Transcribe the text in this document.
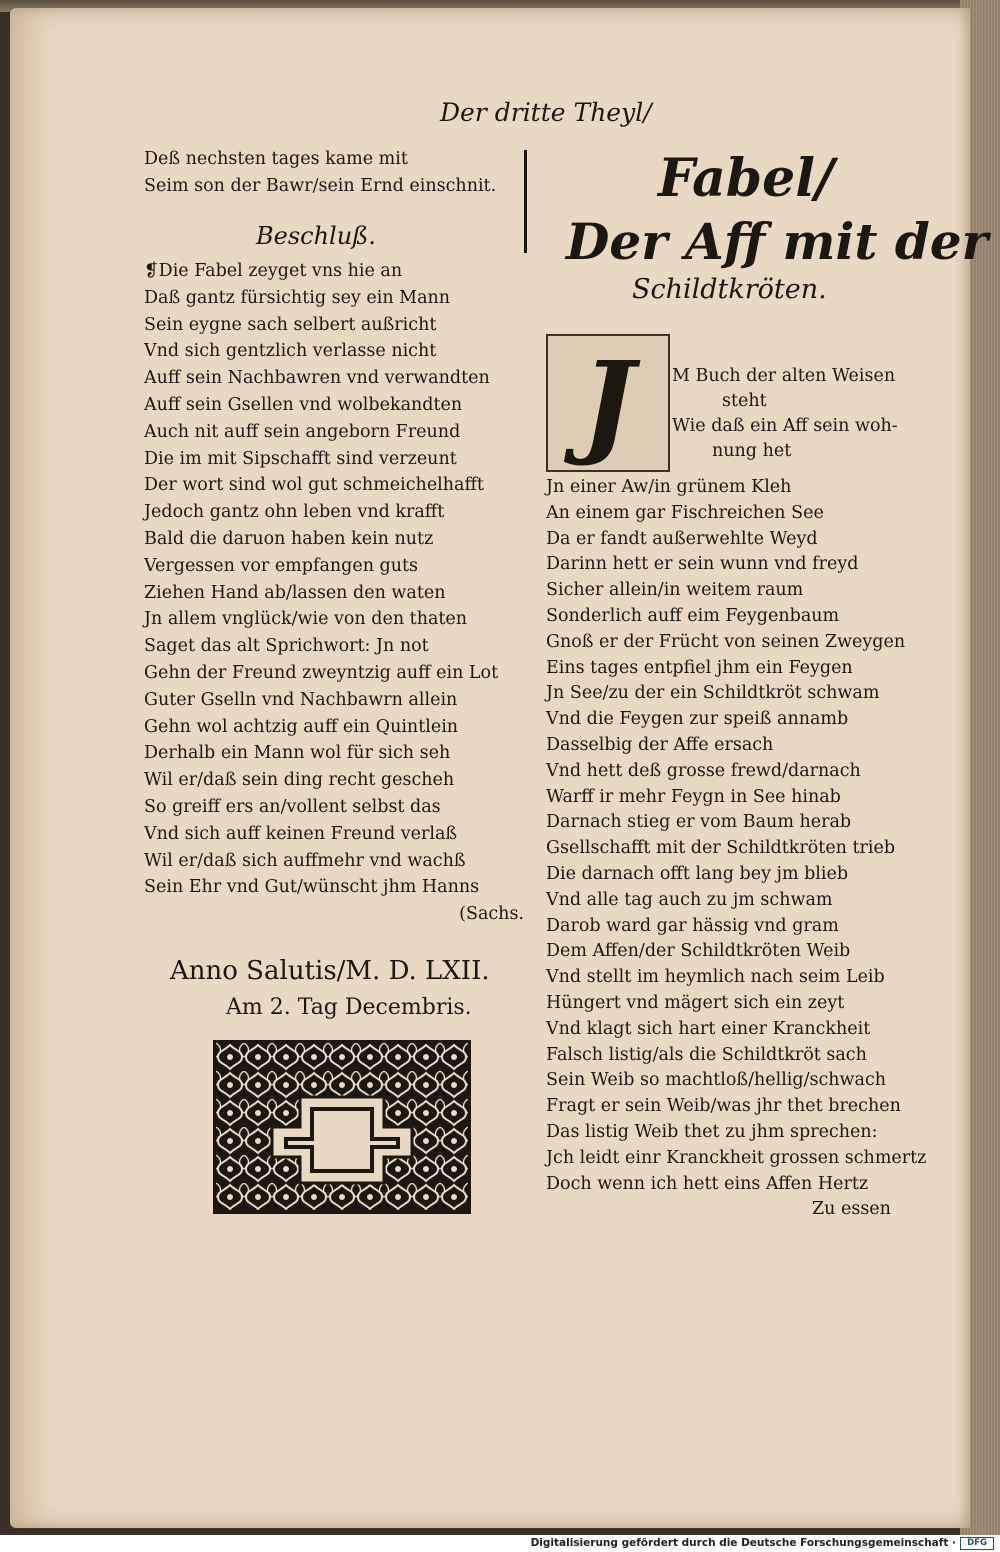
Der dritte Theyl/
Deß nechsten tages kame mit
Seim son der Bawr/sein Ernd einschnit.
Beschluß.
❡Die Fabel zeyget vns hie an
Daß gantz fürsichtig sey ein Mann
Sein eygne sach selbert außricht
Vnd sich gentzlich verlasse nicht
Auff sein Nachbawren vnd verwandten
Auff sein Gsellen vnd wolbekandten
Auch nit auff sein angeborn Freund
Die im mit Sipschafft sind verzeunt
Der wort sind wol gut schmeichelhafft
Jedoch gantz ohn leben vnd krafft
Bald die daruon haben kein nutz
Vergessen vor empfangen guts
Ziehen Hand ab/lassen den waten
Jn allem vnglück/wie von den thaten
Saget das alt Sprichwort: Jn not
Gehn der Freund zweyntzig auff ein Lot
Guter Gselln vnd Nachbawrn allein
Gehn wol achtzig auff ein Quintlein
Derhalb ein Mann wol für sich seh
Wil er/daß sein ding recht gescheh
So greiff ers an/vollent selbst das
Vnd sich auff keinen Freund verlaß
Wil er/daß sich auffmehr vnd wachß
Sein Ehr vnd Gut/wünscht jhm Hanns
(Sachs.
Anno Salutis/M. D. LXII.
Am 2. Tag Decembris.
Fabel/
Der Aff mit der
Schildtkröten.
J	M Buch der alten Weisen
steht
Wie daß ein Aff sein woh-
nung het
Jn einer Aw/in grünem Kleh
An einem gar Fischreichen See
Da er fandt außerwehlte Weyd
Darinn hett er sein wunn vnd freyd
Sicher allein/in weitem raum
Sonderlich auff eim Feygenbaum
Gnoß er der Frücht von seinen Zweygen
Eins tages entpfiel jhm ein Feygen
Jn See/zu der ein Schildtkröt schwam
Vnd die Feygen zur speiß annamb
Dasselbig der Affe ersach
Vnd hett deß grosse frewd/darnach
Warff ir mehr Feygn in See hinab
Darnach stieg er vom Baum herab
Gsellschafft mit der Schildtkröten trieb
Die darnach offt lang bey jm blieb
Vnd alle tag auch zu jm schwam
Darob ward gar hässig vnd gram
Dem Affen/der Schildtkröten Weib
Vnd stellt im heymlich nach seim Leib
Hüngert vnd mägert sich ein zeyt
Vnd klagt sich hart einer Kranckheit
Falsch listig/als die Schildtkröt sach
Sein Weib so machtloß/hellig/schwach
Fragt er sein Weib/was jhr thet brechen
Das listig Weib thet zu jhm sprechen:
Jch leidt einr Kranckheit grossen schmertz
Doch wenn ich hett eins Affen Hertz
Zu essen
Digitalisierung gefördert durch die Deutsche Forschungsgemeinschaft ·	DFG
